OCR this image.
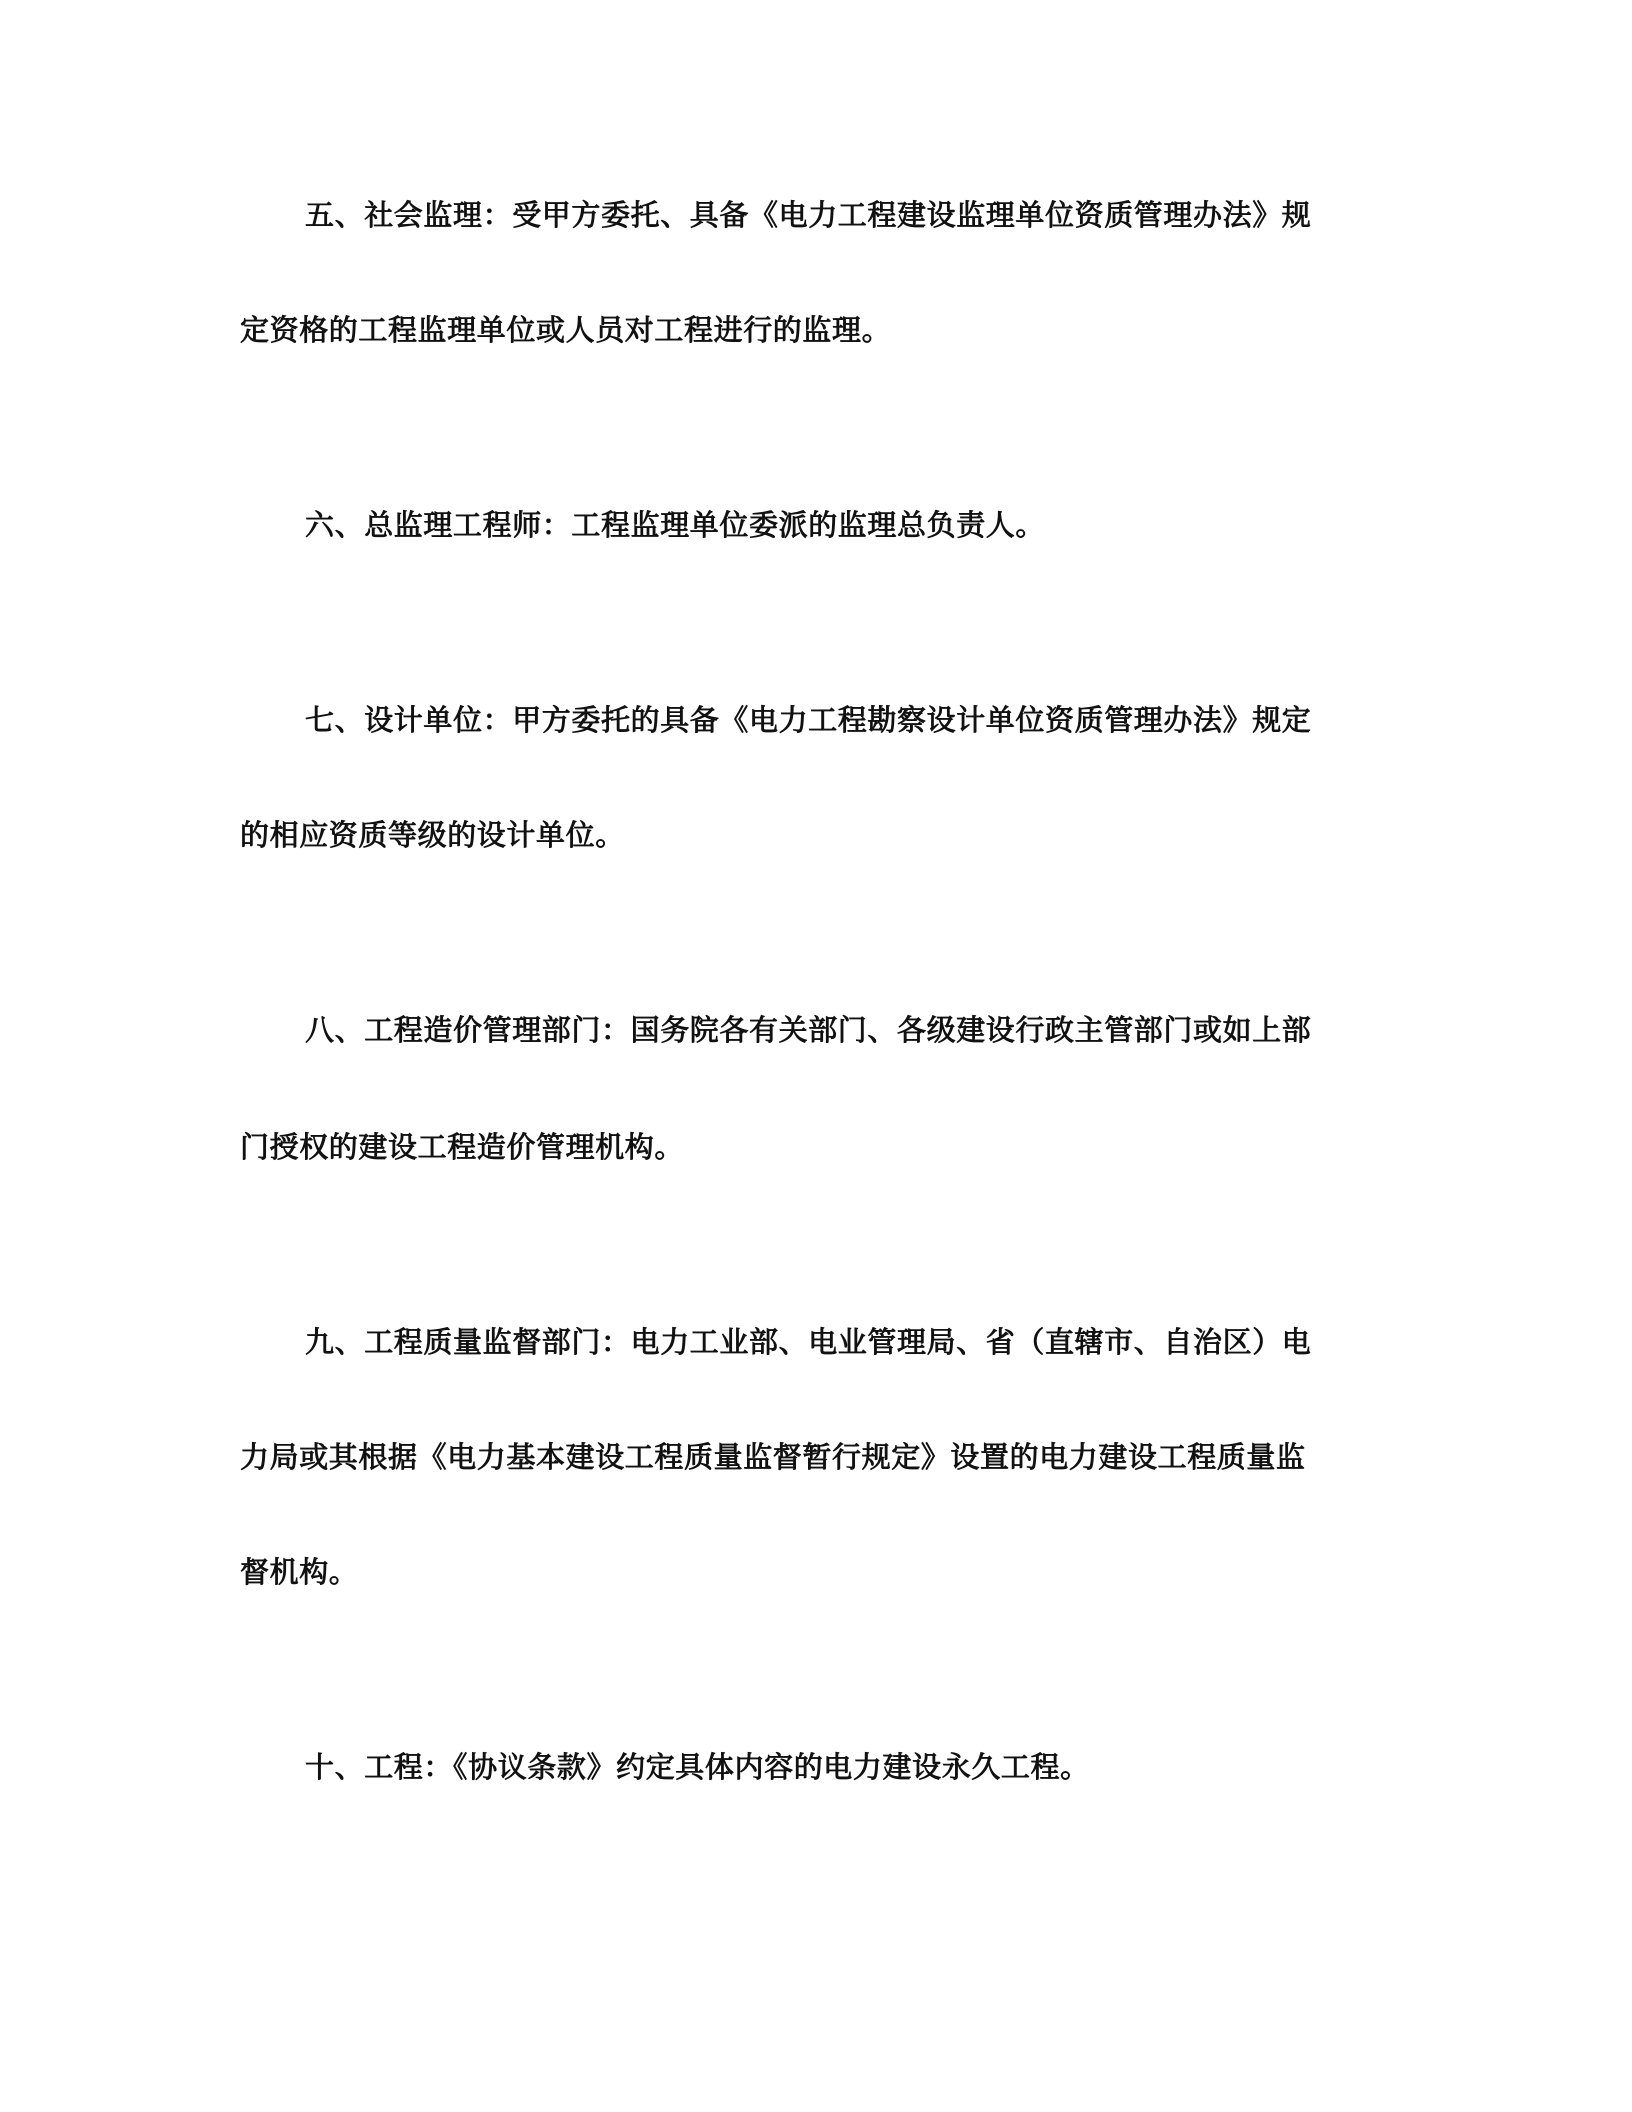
五、社会监理：受甲方委托、具备《电力工程建设监理单位资质管理办法》规
定资格的工程监理单位或人员对工程进行的监理。
六、总监理工程师：工程监理单位委派的监理总负责人。
七、设计单位：甲方委托的具备《电力工程勘察设计单位资质管理办法》规定
的相应资质等级的设计单位。
八、工程造价管理部门：国务院各有关部门、各级建设行政主管部门或如上部
门授权的建设工程造价管理机构。
九、工程质量监督部门：电力工业部、电业管理局、省（直辖市、自治区）电
力局或其根据《电力基本建设工程质量监督暂行规定》设置的电力建设工程质量监
督机构。
十、工程：《协议条款》约定具体内容的电力建设永久工程。
